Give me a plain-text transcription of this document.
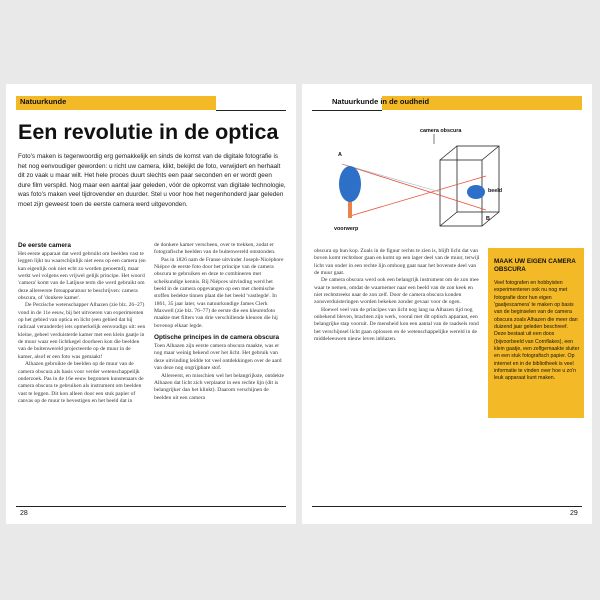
Natuurkunde
Een revolutie in de optica
Foto's maken is tegenwoordig erg gemakkelijk en sinds de komst van de digitale fotografie is het nog eenvoudiger geworden: u richt uw camera, klikt, bekijkt de foto, verwijdert en herhaalt dit zo vaak u maar wilt. Het hele proces duurt slechts een paar seconden en er wordt geen dure film verspild. Nog maar een aantal jaar geleden, vóór de opkomst van digitale technologie, was foto's maken veel tijdrovender en duurder. Stel u voor hoe het negenhonderd jaar geleden moet zijn geweest toen de eerste camera werd uitgevonden.
De eerste camera

Het eerste apparaat dat werd gebruikt om beelden vast te leggen lijkt nu waarschijnlijk niet eens op een camera (en kan eigenlijk ook niet echt zo worden genoemd), maar werkt wel volgens een vrijwel gelijk principe. Het woord 'camera' komt van de Latijnse term die werd gebruikt om deze allereerste fotoapparatuur te beschrijven: camera obscura, of 'donkere kamer'.

De Perzische wetenschapper Alhazen (zie blz. 26–27) vond in de 11e eeuw, bij het uitvoeren van experimenten op het gebied van optica en licht (een gebied dat hij radicaal veranderde) iets opmerkelijk eenvoudigs uit: een kleine, geheel verduisterde kamer met een klein gaatje in de muur waar een lichtkegel doorheen kon die beelden van de buitenwereld projecteerde op de muur in de kamer, alsof er een foto was gemaakt!

Alhazen gebruikte de beelden op de muur van de camera obscura als basis voor verder wetenschappelijk onderzoek. Pas in de 16e eeuw begonnen kunstenaars de camera obscura te gebruiken als instrument om beelden vast te leggen. Dit kon alleen door een stuk papier of canvas op de muur te bevestigen en het beeld dat in

de donkere kamer verscheen, over te trekken, zodat er fotografische beelden van de buitenwereld ontstonden.

Pas in 1826 nam de Franse uitvinder Joseph-Nicéphore Niépce de eerste foto door het principe van de camera obscura te gebruiken en deze te combineren met scheikundige kennis. Bij Niépces uitvinding werd het beeld in de camera opgevangen op een met chemische stoffen bedekte tinnen plaat die het beeld 'vastlegde'. In 1861, 35 jaar later, was natuurkundige James Clerk Maxwell (zie blz. 76–77) de eerste die een kleurenfoto maakte met filters van drie verschillende kleuren die hij bovenop elkaar legde.

Optische principes in de camera obscura

Toen Alhazen zijn eerste camera obscura maakte, was er nog maar weinig bekend over het licht. Het gebruik van deze uitvinding leidde tot veel ontdekkingen over de aard van deze nog ongrijpbare stof.

Allereerst, en misschien wel het belangrijkste, ontdekte Alhazen dat licht zich verplaatst in een rechte lijn (dit is belangrijker dan het klinkt). Daarom verschijnen de beelden uit een camera

28
Natuurkunde in de oudheid
camera obscura
A
B
beeld
voorwerp

obscura op hun kop. Zoals in de figuur rechts te zien is, blijft licht dat van boven komt rechtdoor gaan en komt op een lager deel van de muur, terwijl licht van onder in een rechte lijn omhoog gaat naar het bovenste deel van de muur gaat.

De camera obscura werd ook een belangrijk instrument om de zon mee waar te nemen, omdat de waarnemer naar een beeld van de zon keek en niet rechtstreeks naar de zon zelf. Door de camera obscura konden zonsverduisteringen worden bekeken zonder gevaar voor de ogen.

Hoewel veel van de principes van licht nog lang na Alhazen tijd nog onbekend bleven, brachten zijn werk, vooral met dit optisch apparaat, een belangrijke stap vooruit. De mensheid kon een aantal van de raadsels rond het verschijnsel licht gaan oplossen en de wetenschappelijke wereld in de middeleeuwen nieuw leven inblazen.

MAAK UW EIGEN CAMERA OBSCURA
Veel fotografen en hobbyisten experimenteren ook nu nog met fotografie door hun eigen 'gaatjescamera' te maken op basis van de beginselen van de camera obscura zoals Alhazen die meer dan duizend jaar geleden beschreef. Deze bestaat uit een doos (bijvoorbeeld van Cornflakes), een klein gaatje, een zelfgemaakte sluiter en een stuk fotografisch papier. Op internet en in de bibliotheek is veel informatie te vinden over hoe u zo'n leuk apparaat kunt maken.
29
